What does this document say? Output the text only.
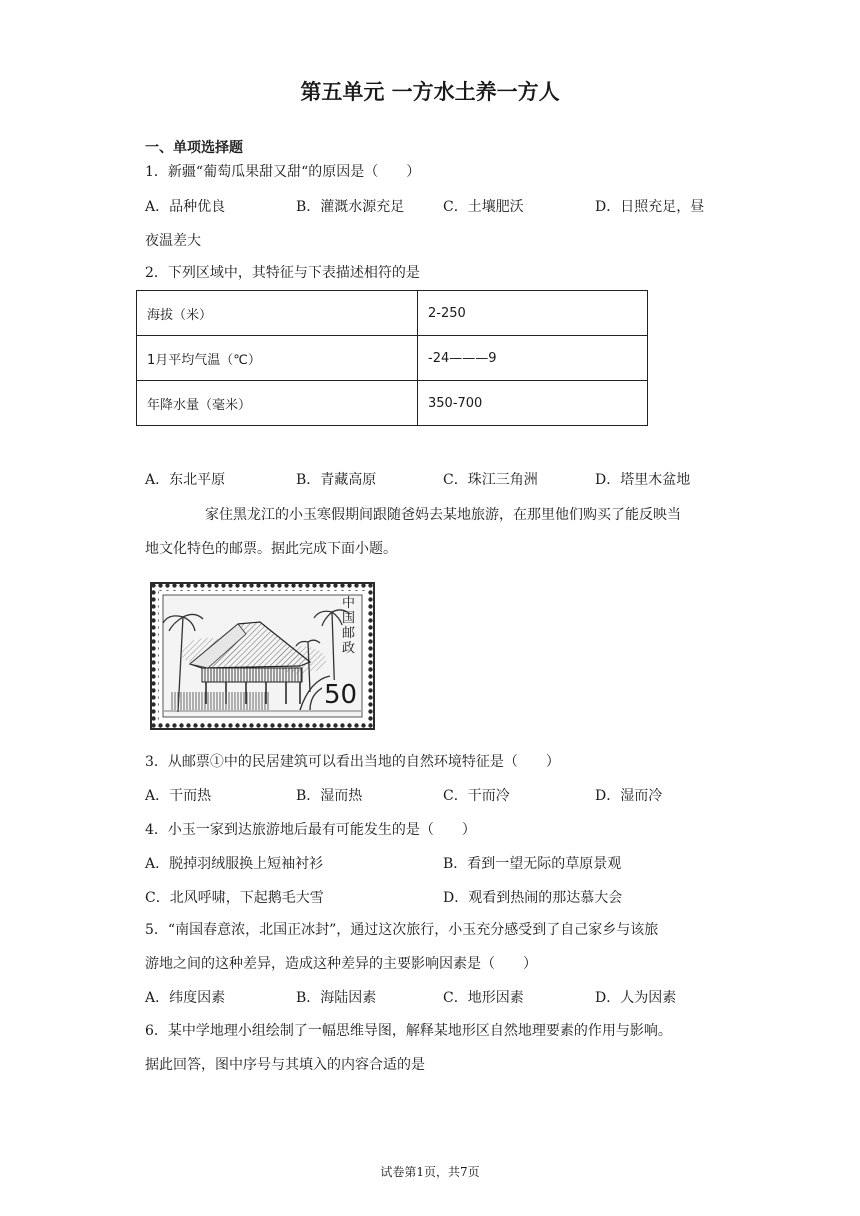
第五单元 一方水土养一方人
一、单项选择题
1．新疆“葡萄瓜果甜又甜“的原因是（　　）
A．品种优良	B．灌溉水源充足	C．土壤肥沃	D．日照充足，昼
夜温差大
2．下列区域中，其特征与下表描述相符的是
海拔（米）	2-250
1月平均气温（℃）	-24———9
年降水量（毫米）	350-700
A．东北平原	B．青藏高原	C．珠江三角洲	D．塔里木盆地
家住黑龙江的小玉寒假期间跟随爸妈去某地旅游，在那里他们购买了能反映当
地文化特色的邮票。据此完成下面小题。
中国邮政
50
3．从邮票①中的民居建筑可以看出当地的自然环境特征是（　　）
A．干而热	B．湿而热	C．干而冷	D．湿而冷
4．小玉一家到达旅游地后最有可能发生的是（　　）
A．脱掉羽绒服换上短袖衬衫	B．看到一望无际的草原景观
C．北风呼啸，下起鹅毛大雪	D．观看到热闹的那达慕大会
5．“南国春意浓，北国正冰封”，通过这次旅行，小玉充分感受到了自己家乡与该旅
游地之间的这种差异，造成这种差异的主要影响因素是（　　）
A．纬度因素	B．海陆因素	C．地形因素	D．人为因素
6．某中学地理小组绘制了一幅思维导图，解释某地形区自然地理要素的作用与影响。
据此回答，图中序号与其填入的内容合适的是
试卷第1页，共7页
